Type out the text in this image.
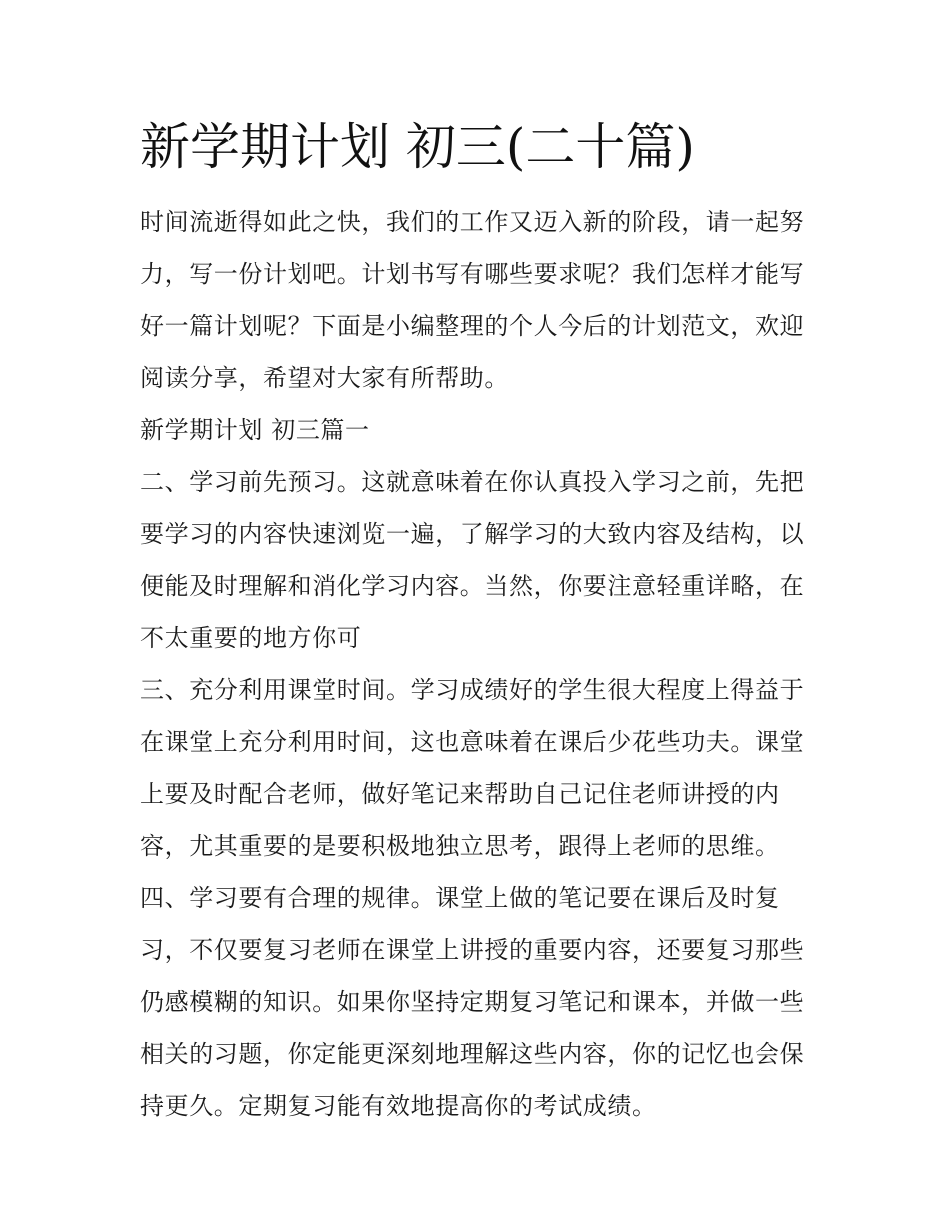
新学期计划 初三(二十篇)

时间流逝得如此之快，我们的工作又迈入新的阶段，请一起努力，写一份计划吧。计划书写有哪些要求呢？我们怎样才能写好一篇计划呢？下面是小编整理的个人今后的计划范文，欢迎阅读分享，希望对大家有所帮助。

新学期计划 初三篇一

二、学习前先预习。这就意味着在你认真投入学习之前，先把要学习的内容快速浏览一遍，了解学习的大致内容及结构，以便能及时理解和消化学习内容。当然，你要注意轻重详略，在不太重要的地方你可

三、充分利用课堂时间。学习成绩好的学生很大程度上得益于在课堂上充分利用时间，这也意味着在课后少花些功夫。课堂上要及时配合老师，做好笔记来帮助自己记住老师讲授的内容，尤其重要的是要积极地独立思考，跟得上老师的思维。

四、学习要有合理的规律。课堂上做的笔记要在课后及时复习，不仅要复习老师在课堂上讲授的重要内容，还要复习那些仍感模糊的知识。如果你坚持定期复习笔记和课本，并做一些相关的习题，你定能更深刻地理解这些内容，你的记忆也会保持更久。定期复习能有效地提高你的考试成绩。
